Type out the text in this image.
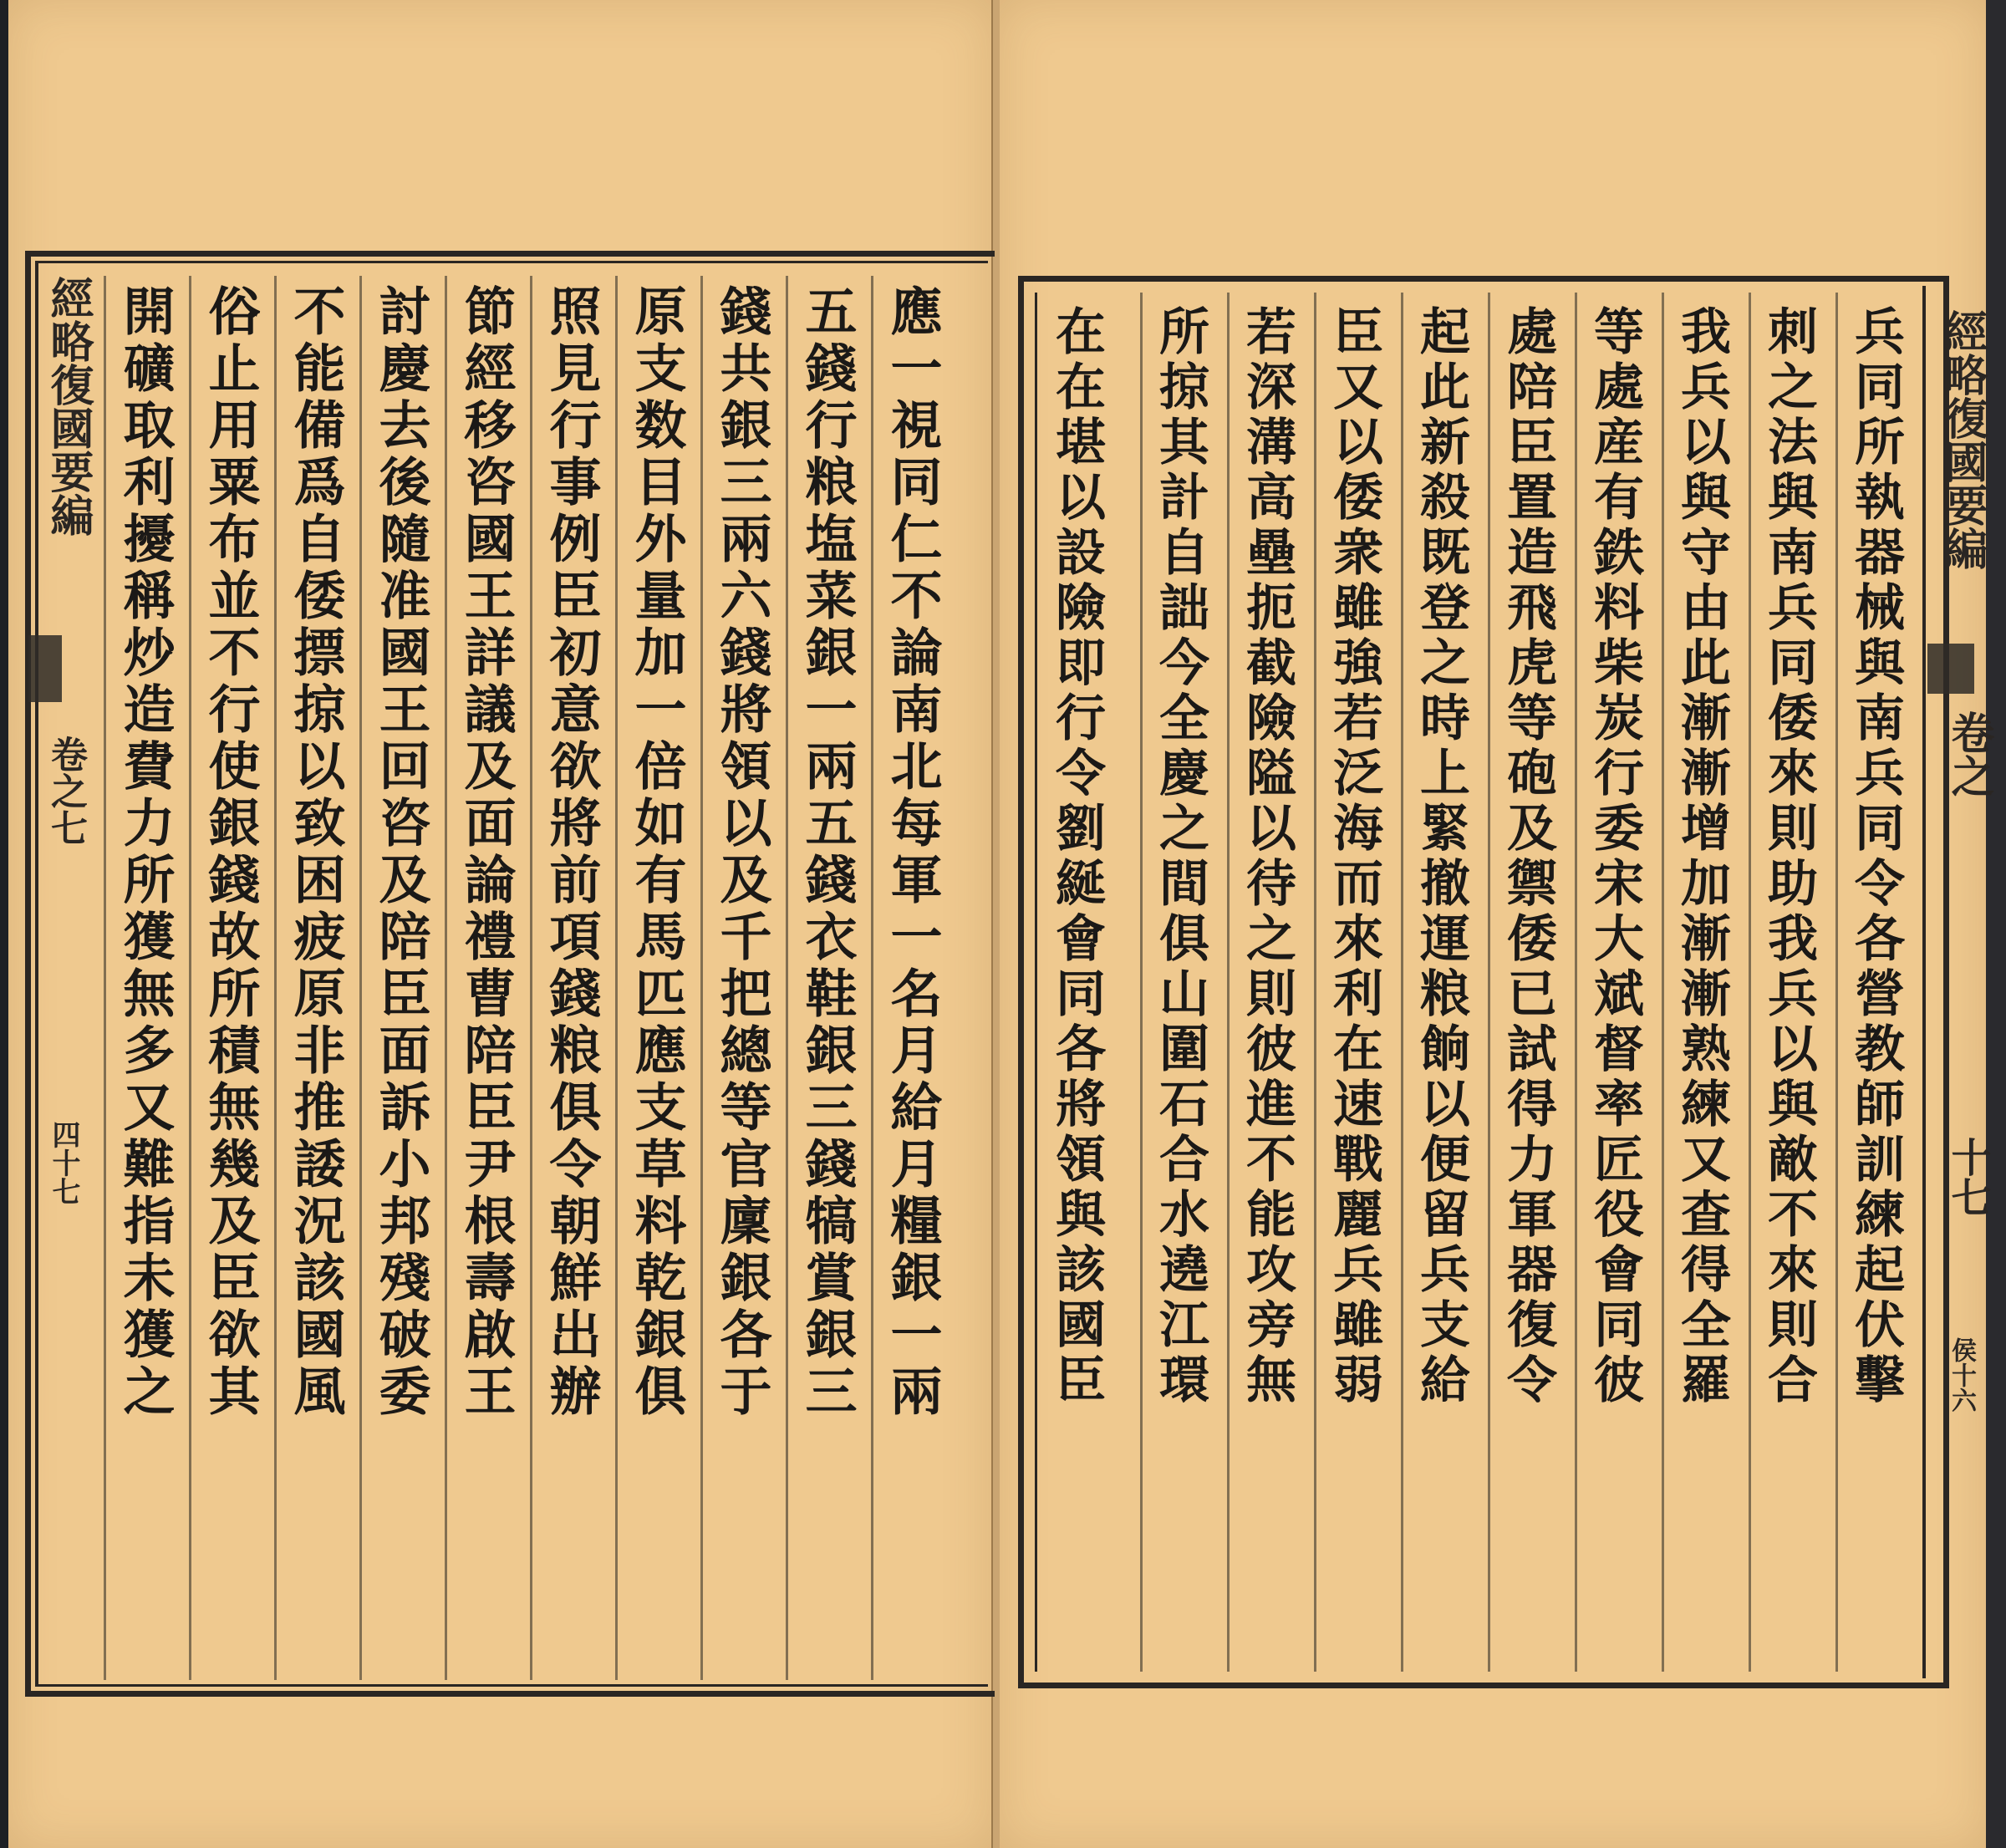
經略復國要編
卷之七
四十七	應一視同仁不論南北每軍一名月給月糧銀一兩
五錢行粮塩菜銀一兩五錢衣鞋銀三錢犒賞銀三
錢共銀三兩六錢將領以及千把總等官廩銀各于
原支数目外量加一倍如有馬匹應支草料乾銀俱
照見行事例臣初意欲將前項錢粮俱令朝鮮出辦
節經移咨國王詳議及面論禮曹陪臣尹根壽啟王
討慶去後隨准國王回咨及陪臣面訴小邦殘破委
不能備爲自倭摽掠以致困疲原非推諉況該國風
俗止用粟布並不行使銀錢故所積無幾及臣欲其
開礦取利擾稱炒造費力所獲無多又難指未獲之	經略復國要編
卷之
十七
侯十六
兵同所執器械與南兵同令各營教師訓練起伏擊
刺之法與南兵同倭來則助我兵以與敵不來則合
我兵以與守由此漸漸增加漸漸熟練又查得全羅
等處産有鉄料柴炭行委宋大斌督率匠役會同彼
處陪臣置造飛虎等砲及禦倭已試得力軍器復令
起此新殺既登之時上緊撤運粮餉以便留兵支給
臣又以倭衆雖強若泛海而來利在速戰麗兵雖弱
若深溝高壘扼截險隘以待之則彼進不能攻旁無
所掠其計自詘今全慶之間俱山圍石合水遶江環
在在堪以設險即行令劉綖會同各將領與該國臣
